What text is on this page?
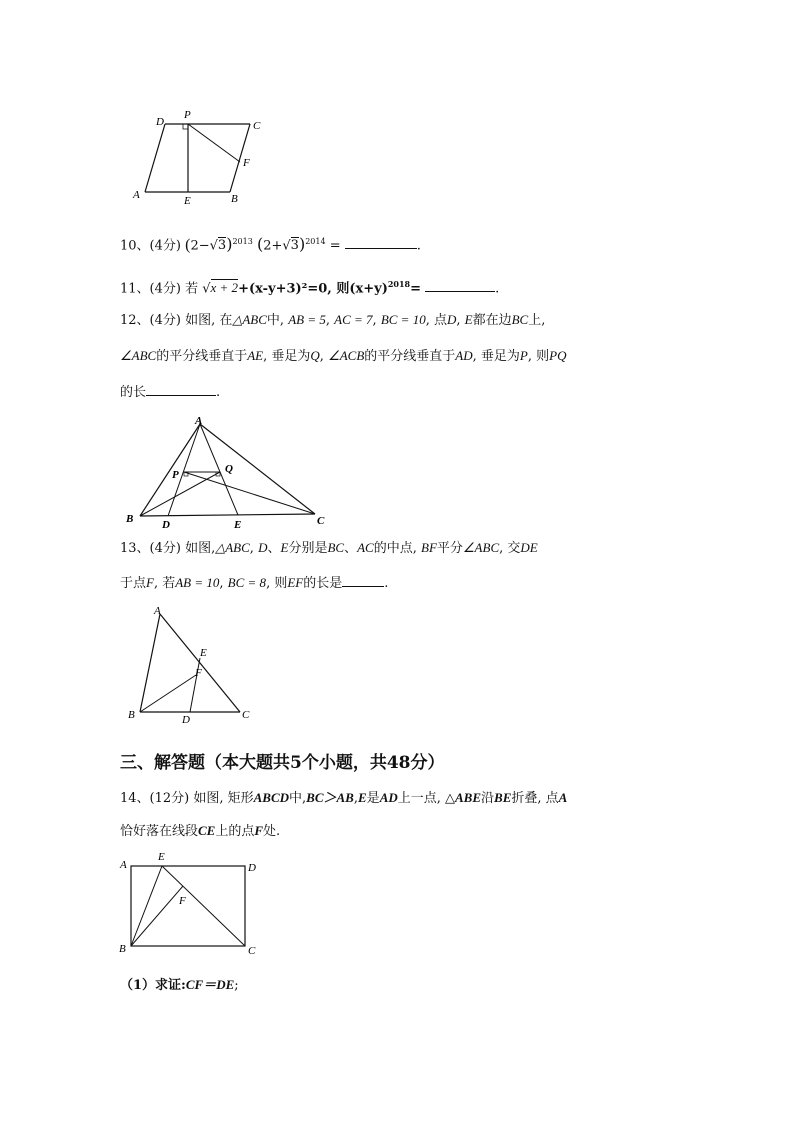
D
P
C
F
A	E	B
10、(4分) $(2-√3)^{2013}$ $(2+√3)^{2014}$ =	.
11、(4分) 若 √x + 2+(x-y+3)²=0, 则$(x+y)^{2018}=$	.
12、(4分) 如图, 在△ABC中, AB = 5, AC = 7, BC = 10, 点D, E都在边BC上,
∠ABC的平分线垂直于AE, 垂足为Q, ∠ACB的平分线垂直于AD, 垂足为P, 则PQ
的长	.
A
P	Q
B	D	E	C
13、(4分) 如图,△ABC, D、E分别是BC、AC的中点, BF平分∠ABC, 交DE
于点F, 若AB = 10, BC = 8, 则EF的长是	.
A
E
F
B	D	C
三、解答题（本大题共5个小题，共48分）
14、(12分) 如图, 矩形ABCD中,BC＞AB,E是AD上一点, △ABE沿BE折叠, 点A
恰好落在线段CE上的点F处.
A
E
D
F
B	C
（1）求证:CF＝DE;
